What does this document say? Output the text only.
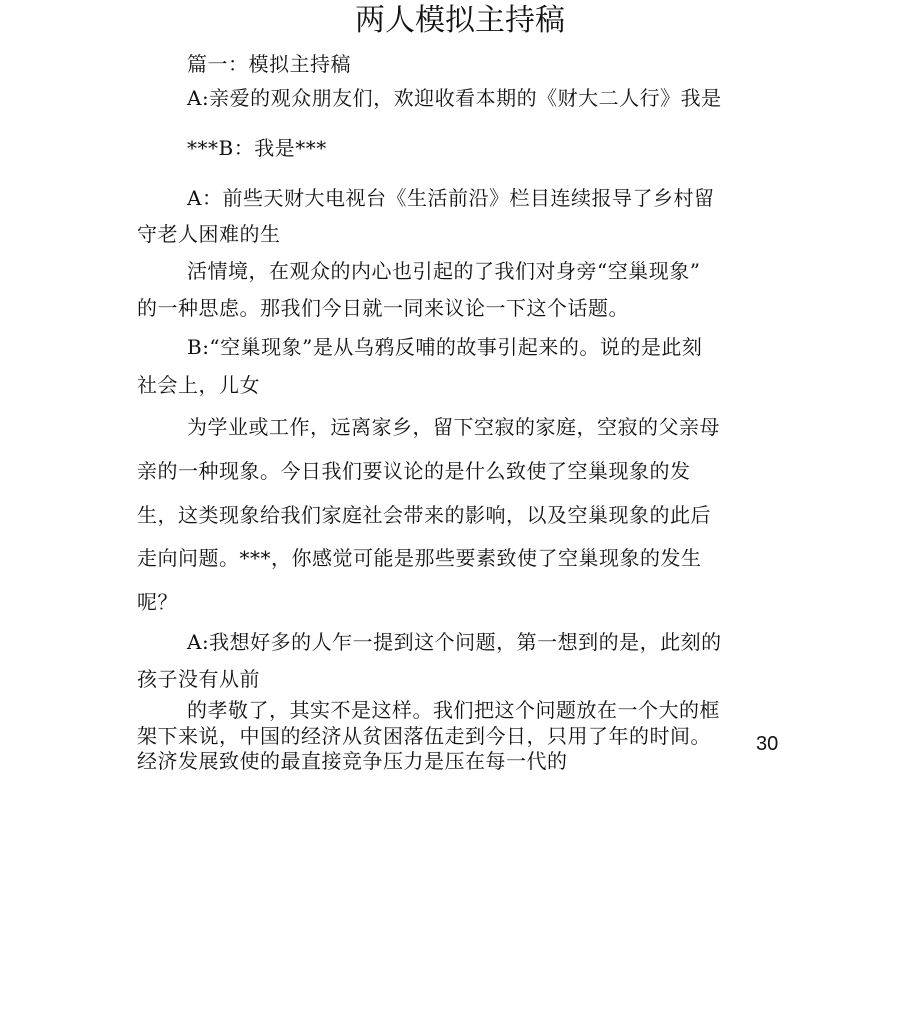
两人模拟主持稿
篇一：模拟主持稿
A:亲爱的观众朋友们，欢迎收看本期的《财大二人行》我是
***B：我是***
A：前些天财大电视台《生活前沿》栏目连续报导了乡村留
守老人困难的生
活情境，在观众的内心也引起的了我们对身旁“空巢现象”
的一种思虑。那我们今日就一同来议论一下这个话题。
B:“空巢现象”是从乌鸦反哺的故事引起来的。说的是此刻
社会上，儿女
为学业或工作，远离家乡，留下空寂的家庭，空寂的父亲母
亲的一种现象。今日我们要议论的是什么致使了空巢现象的发
生，这类现象给我们家庭社会带来的影响，以及空巢现象的此后
走向问题。***，你感觉可能是那些要素致使了空巢现象的发生
呢？
A:我想好多的人乍一提到这个问题，第一想到的是，此刻的
孩子没有从前
的孝敬了，其实不是这样。我们把这个问题放在一个大的框
架下来说，中国的经济从贫困落伍走到今日，只用了年的时间。
经济发展致使的最直接竞争压力是压在每一代的
30
